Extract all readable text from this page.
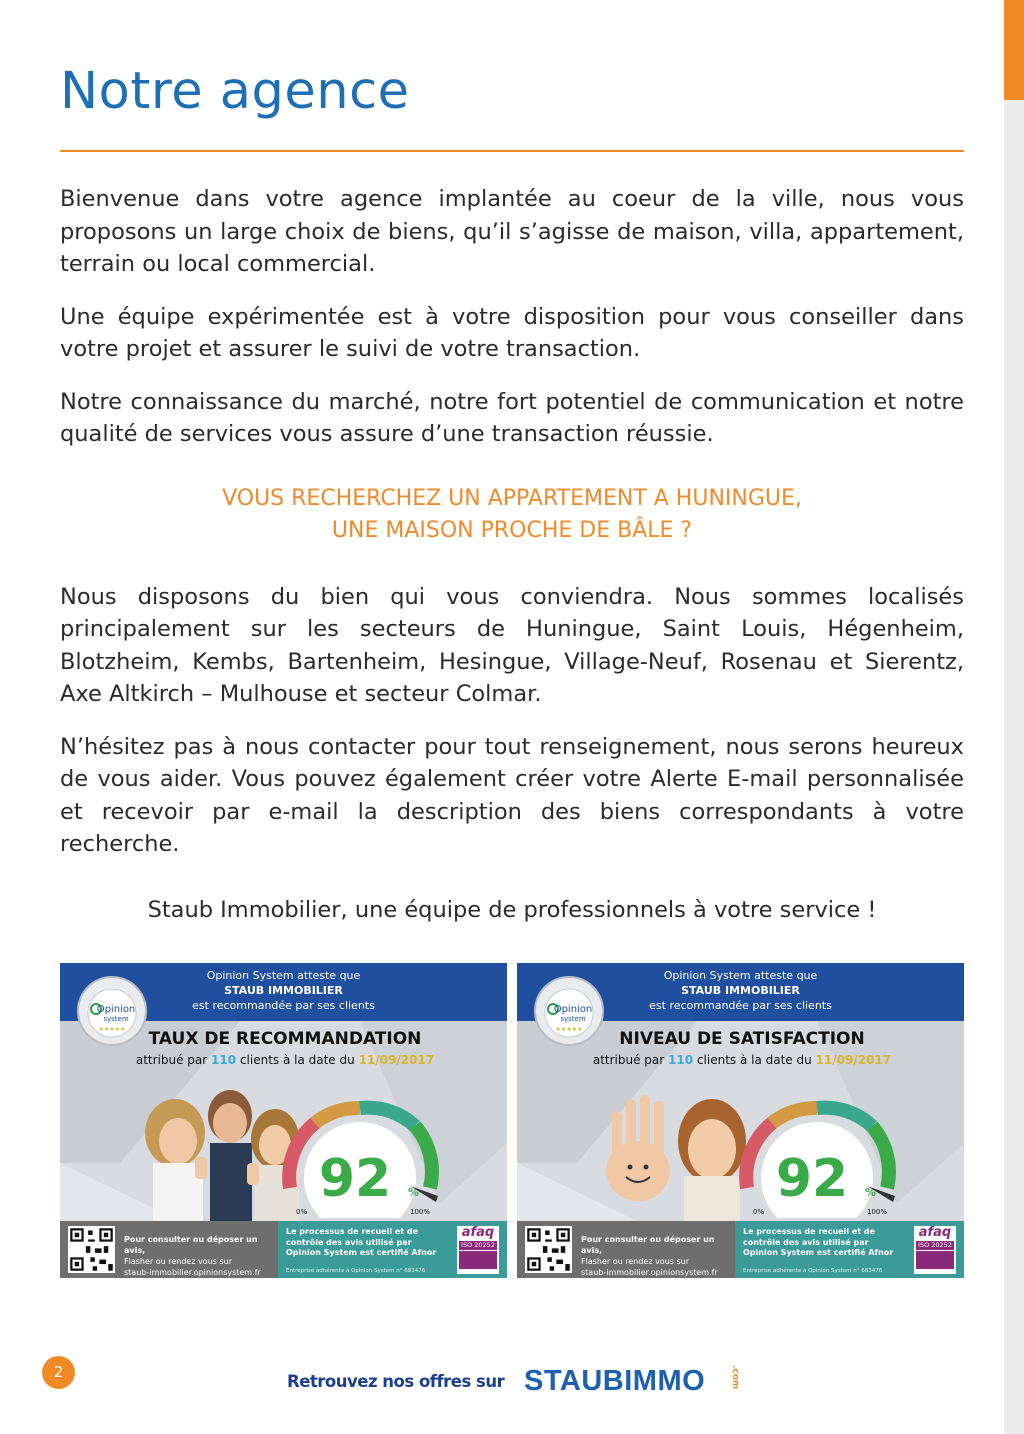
Notre agence

Bienvenue dans votre agence implantée au coeur de la ville, nous vous proposons un large choix de biens, qu’il s’agisse de maison, villa, appartement, terrain ou local commercial.

Une équipe expérimentée est à votre disposition pour vous conseiller dans votre projet et assurer le suivi de votre transaction.

Notre connaissance du marché, notre fort potentiel de communication et notre qualité de services vous assure d’une transaction réussie.

VOUS RECHERCHEZ UN APPARTEMENT A HUNINGUE,
UNE MAISON PROCHE DE BÂLE ?

Nous disposons du bien qui vous conviendra. Nous sommes localisés principalement sur les secteurs de Huningue, Saint Louis, Hégenheim, Blotzheim, Kembs, Bartenheim, Hesingue, Village-Neuf, Rosenau et Sierentz, Axe Altkirch – Mulhouse et secteur Colmar.

N’hésitez pas à nous contacter pour tout renseignement, nous serons heureux de vous aider. Vous pouvez également créer votre Alerte E-mail personnalisée et recevoir par e-mail la description des biens correspondants à votre recherche.

Staub Immobilier, une équipe de professionnels à votre service !

Opinion System atteste que
STAUB IMMOBILIER
est recommandée par ses clients
Opinion
system
★★★★★	TAUX DE RECOMMANDATION

attribué par 110 clients à la date du 11/09/2017

92 %
0%	100%
Pour consulter ou déposer un avis,
Flasher ou rendez vous sur
staub-immobilier.opinionsystem.fr
Le processus de recueil et de
contrôle des avis utilisé par
Opinion System est certifié Afnor
Entreprise adhérente à Opinion System n° 683476
afaq
ISO 20252
Opinion System atteste que
STAUB IMMOBILIER
est recommandée par ses clients
Opinion
system
★★★★★	NIVEAU DE SATISFACTION

attribué par 110 clients à la date du 11/09/2017

92 %
0%	100%
Pour consulter ou déposer un avis,
Flasher ou rendez vous sur
staub-immobilier.opinionsystem.fr
Le processus de recueil et de
contrôle des avis utilisé par
Opinion System est certifié Afnor
Entreprise adhérente à Opinion System n° 683476
afaq
ISO 20252
2	Retrouvez nos offres sur STAUBIMMO	.com
